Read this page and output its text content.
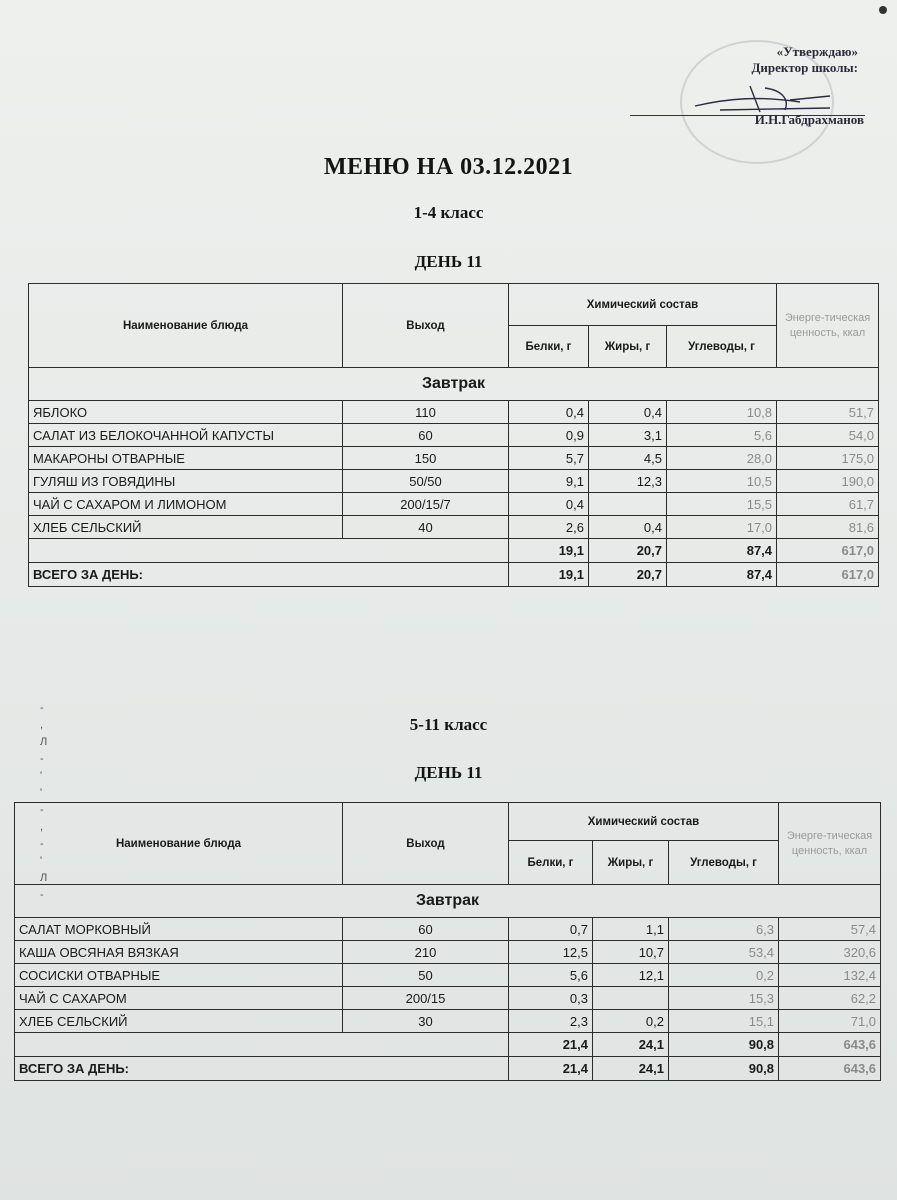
«Утверждаю»
Директор школы:
И.Н.Габдрахманов
МЕНЮ НА 03.12.2021
1-4 класс
ДЕНЬ 11
Наименование блюда	Выход	Химический состав			Энерге-тическая ценность, ккал
		Белки, г	Жиры, г	Углеводы, г	
Завтрак					
ЯБЛОКО	110	0,4	0,4	10,8	51,7
САЛАТ ИЗ БЕЛОКОЧАННОЙ КАПУСТЫ	60	0,9	3,1	5,6	54,0
МАКАРОНЫ ОТВАРНЫЕ	150	5,7	4,5	28,0	175,0
ГУЛЯШ ИЗ ГОВЯДИНЫ	50/50	9,1	12,3	10,5	190,0
ЧАЙ С САХАРОМ И ЛИМОНОМ	200/15/7	0,4		15,5	61,7
ХЛЕБ СЕЛЬСКИЙ	40	2,6	0,4	17,0	81,6
		19,1	20,7	87,4	617,0
ВСЕГО ЗА ДЕНЬ:		19,1	20,7	87,4	617,0
-
,
Л
-
'
'
-
,
-
'
Л
-
5-11 класс
ДЕНЬ 11
Наименование блюда	Выход	Химический состав			Энерге-тическая ценность, ккал
		Белки, г	Жиры, г	Углеводы, г	
Завтрак					
САЛАТ МОРКОВНЫЙ	60	0,7	1,1	6,3	57,4
КАША ОВСЯНАЯ ВЯЗКАЯ	210	12,5	10,7	53,4	320,6
СОСИСКИ ОТВАРНЫЕ	50	5,6	12,1	0,2	132,4
ЧАЙ С САХАРОМ	200/15	0,3		15,3	62,2
ХЛЕБ СЕЛЬСКИЙ	30	2,3	0,2	15,1	71,0
		21,4	24,1	90,8	643,6
ВСЕГО ЗА ДЕНЬ:		21,4	24,1	90,8	643,6
